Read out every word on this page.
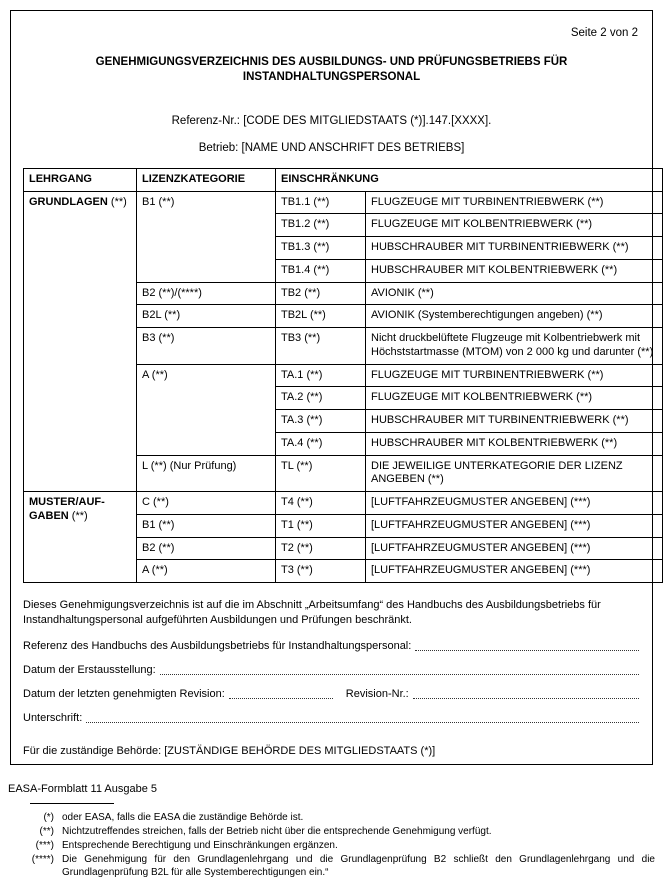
Seite 2 von 2
GENEHMIGUNGSVERZEICHNIS DES AUSBILDUNGS- UND PRÜFUNGSBETRIEBS FÜR INSTANDHALTUNGSPERSONAL
Referenz-Nr.: [CODE DES MITGLIEDSTAATS (*)].147.[XXXX].
Betrieb: [NAME UND ANSCHRIFT DES BETRIEBS]
LEHRGANG	LIZENZKATEGORIE	EINSCHRÄNKUNG	
GRUNDLAGEN (**)	B1 (**)	TB1.1 (**)	FLUGZEUGE MIT TURBINENTRIEBWERK (**)
		TB1.2 (**)	FLUGZEUGE MIT KOLBENTRIEBWERK (**)
		TB1.3 (**)	HUBSCHRAUBER MIT TURBINENTRIEBWERK (**)
		TB1.4 (**)	HUBSCHRAUBER MIT KOLBENTRIEBWERK (**)
	B2 (**)/(****)	TB2 (**)	AVIONIK (**)
	B2L (**)	TB2L (**)	AVIONIK (Systemberechtigungen angeben) (**)
	B3 (**)	TB3 (**)	Nicht druckbelüftete Flugzeuge mit Kolbentriebwerk mit Höchststartmasse (MTOM) von 2 000 kg und darunter (**)
	A (**)	TA.1 (**)	FLUGZEUGE MIT TURBINENTRIEBWERK (**)
		TA.2 (**)	FLUGZEUGE MIT KOLBENTRIEBWERK (**)
		TA.3 (**)	HUBSCHRAUBER MIT TURBINENTRIEBWERK (**)
		TA.4 (**)	HUBSCHRAUBER MIT KOLBENTRIEBWERK (**)
	L (**) (Nur Prüfung)	TL (**)	DIE JEWEILIGE UNTERKATEGORIE DER LIZENZ ANGEBEN (**)
MUSTER/AUF-GABEN (**)	C (**)	T4 (**)	[LUFTFAHRZEUGMUSTER ANGEBEN] (***)
	B1 (**)	T1 (**)	[LUFTFAHRZEUGMUSTER ANGEBEN] (***)
	B2 (**)	T2 (**)	[LUFTFAHRZEUGMUSTER ANGEBEN] (***)
	A (**)	T3 (**)	[LUFTFAHRZEUGMUSTER ANGEBEN] (***)
Dieses Genehmigungsverzeichnis ist auf die im Abschnitt „Arbeitsumfang“ des Handbuchs des Ausbildungsbetriebs für Instandhaltungspersonal aufgeführten Ausbildungen und Prüfungen beschränkt.
Referenz des Handbuchs des Ausbildungsbetriebs für Instandhaltungspersonal:
Datum der Erstausstellung:
Datum der letzten genehmigten Revision:	Revision-Nr.:
Unterschrift:
Für die zuständige Behörde: [ZUSTÄNDIGE BEHÖRDE DES MITGLIEDSTAATS (*)]
EASA-Formblatt 11 Ausgabe 5
(*) oder EASA, falls die EASA die zuständige Behörde ist.
(**) Nichtzutreffendes streichen, falls der Betrieb nicht über die entsprechende Genehmigung verfügt.
(***) Entsprechende Berechtigung und Einschränkungen ergänzen.
(****) Die Genehmigung für den Grundlagenlehrgang und die Grundlagenprüfung B2 schließt den Grundlagenlehrgang und die Grundlagenprüfung B2L für alle Systemberechtigungen ein.“
